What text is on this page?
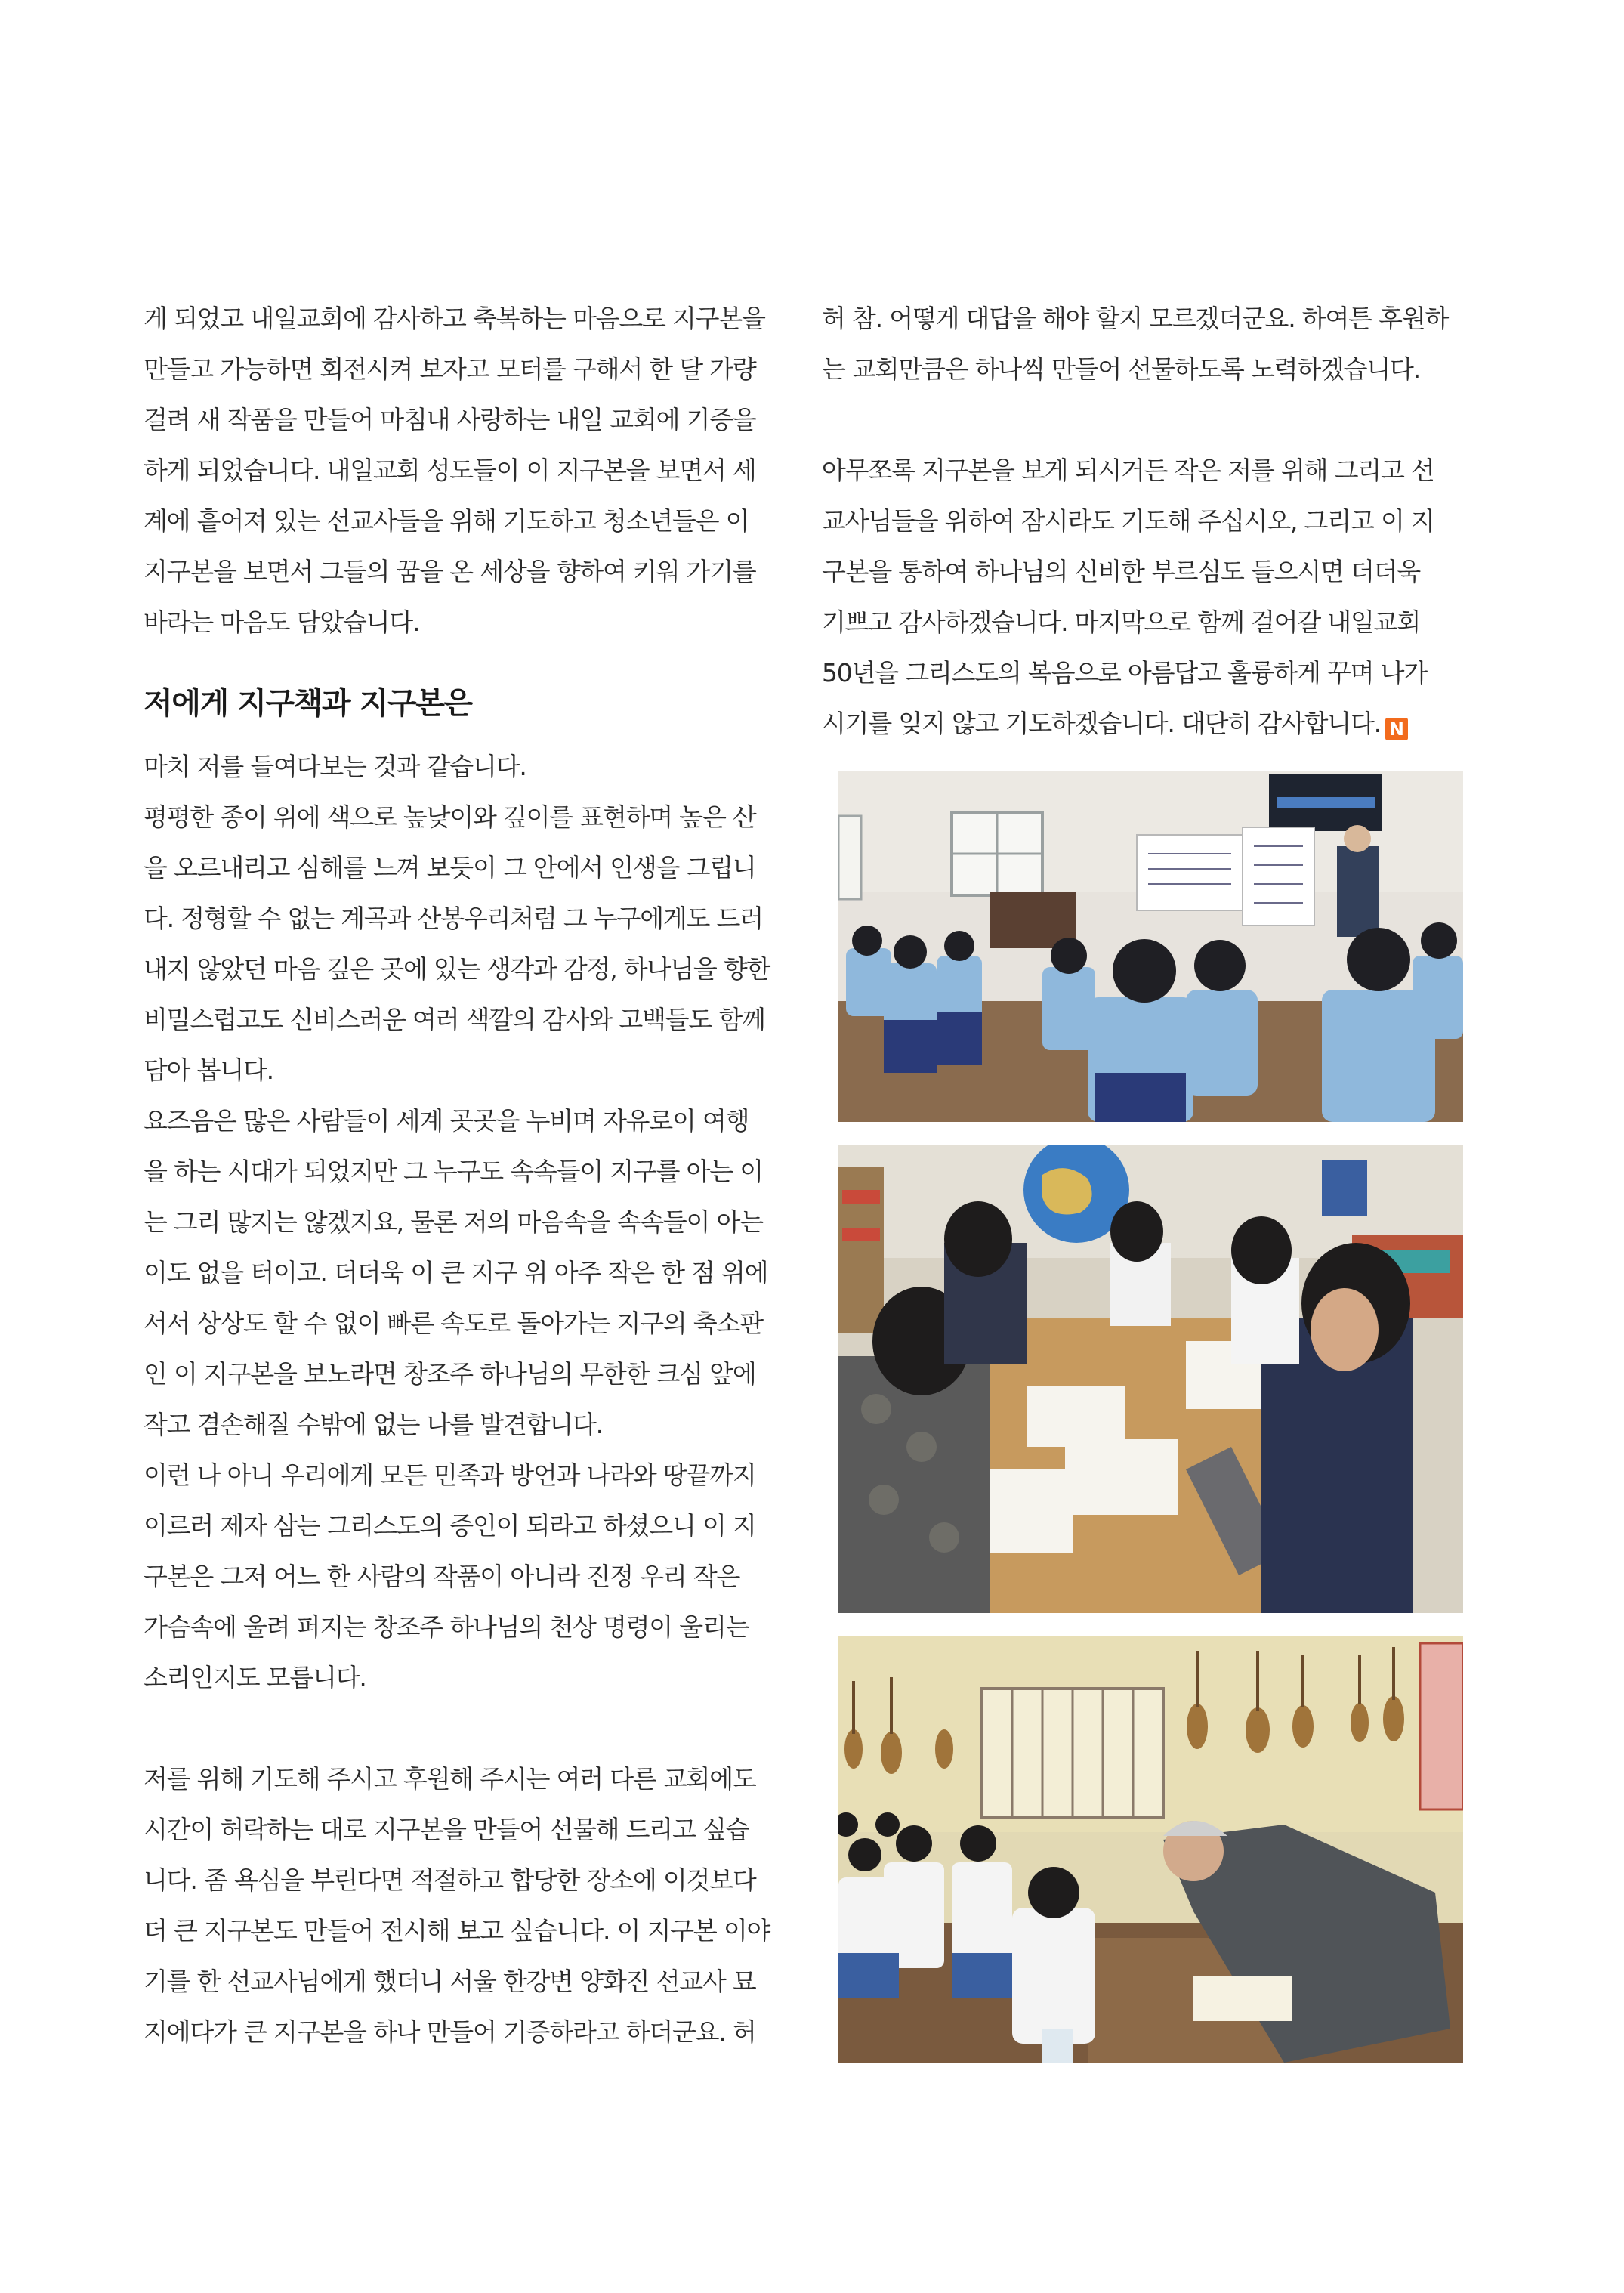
게 되었고 내일교회에 감사하고 축복하는 마음으로 지구본을

만들고 가능하면 회전시켜 보자고 모터를 구해서 한 달 가량

걸려 새 작품을 만들어 마침내 사랑하는 내일 교회에 기증을

하게 되었습니다. 내일교회 성도들이 이 지구본을 보면서 세

계에 흩어져 있는 선교사들을 위해 기도하고 청소년들은 이

지구본을 보면서 그들의 꿈을 온 세상을 향하여 키워 가기를

바라는 마음도 담았습니다.

저에게 지구책과 지구본은

마치 저를 들여다보는 것과 같습니다.

평평한 종이 위에 색으로 높낮이와 깊이를 표현하며 높은 산

을 오르내리고 심해를 느껴 보듯이 그 안에서 인생을 그립니

다. 정형할 수 없는 계곡과 산봉우리처럼 그 누구에게도 드러

내지 않았던 마음 깊은 곳에 있는 생각과 감정, 하나님을 향한

비밀스럽고도 신비스러운 여러 색깔의 감사와 고백들도 함께

담아 봅니다.

요즈음은 많은 사람들이 세계 곳곳을 누비며 자유로이 여행

을 하는 시대가 되었지만 그 누구도 속속들이 지구를 아는 이

는 그리 많지는 않겠지요, 물론 저의 마음속을 속속들이 아는

이도 없을 터이고. 더더욱 이 큰 지구 위 아주 작은 한 점 위에

서서 상상도 할 수 없이 빠른 속도로 돌아가는 지구의 축소판

인 이 지구본을 보노라면 창조주 하나님의 무한한 크심 앞에

작고 겸손해질 수밖에 없는 나를 발견합니다.

이런 나 아니 우리에게 모든 민족과 방언과 나라와 땅끝까지

이르러 제자 삼는 그리스도의 증인이 되라고 하셨으니 이 지

구본은 그저 어느 한 사람의 작품이 아니라 진정 우리 작은

가슴속에 울려 퍼지는 창조주 하나님의 천상 명령이 울리는

소리인지도 모릅니다.

저를 위해 기도해 주시고 후원해 주시는 여러 다른 교회에도

시간이 허락하는 대로 지구본을 만들어 선물해 드리고 싶습

니다. 좀 욕심을 부린다면 적절하고 합당한 장소에 이것보다

더 큰 지구본도 만들어 전시해 보고 싶습니다. 이 지구본 이야

기를 한 선교사님에게 했더니 서울 한강변 양화진 선교사 묘

지에다가 큰 지구본을 하나 만들어 기증하라고 하더군요. 허

허 참. 어떻게 대답을 해야 할지 모르겠더군요. 하여튼 후원하

는 교회만큼은 하나씩 만들어 선물하도록 노력하겠습니다.

아무쪼록 지구본을 보게 되시거든 작은 저를 위해 그리고 선

교사님들을 위하여 잠시라도 기도해 주십시오, 그리고 이 지

구본을 통하여 하나님의 신비한 부르심도 들으시면 더더욱

기쁘고 감사하겠습니다. 마지막으로 함께 걸어갈 내일교회

50년을 그리스도의 복음으로 아름답고 훌륭하게 꾸며 나가

시기를 잊지 않고 기도하겠습니다. 대단히 감사합니다. N
